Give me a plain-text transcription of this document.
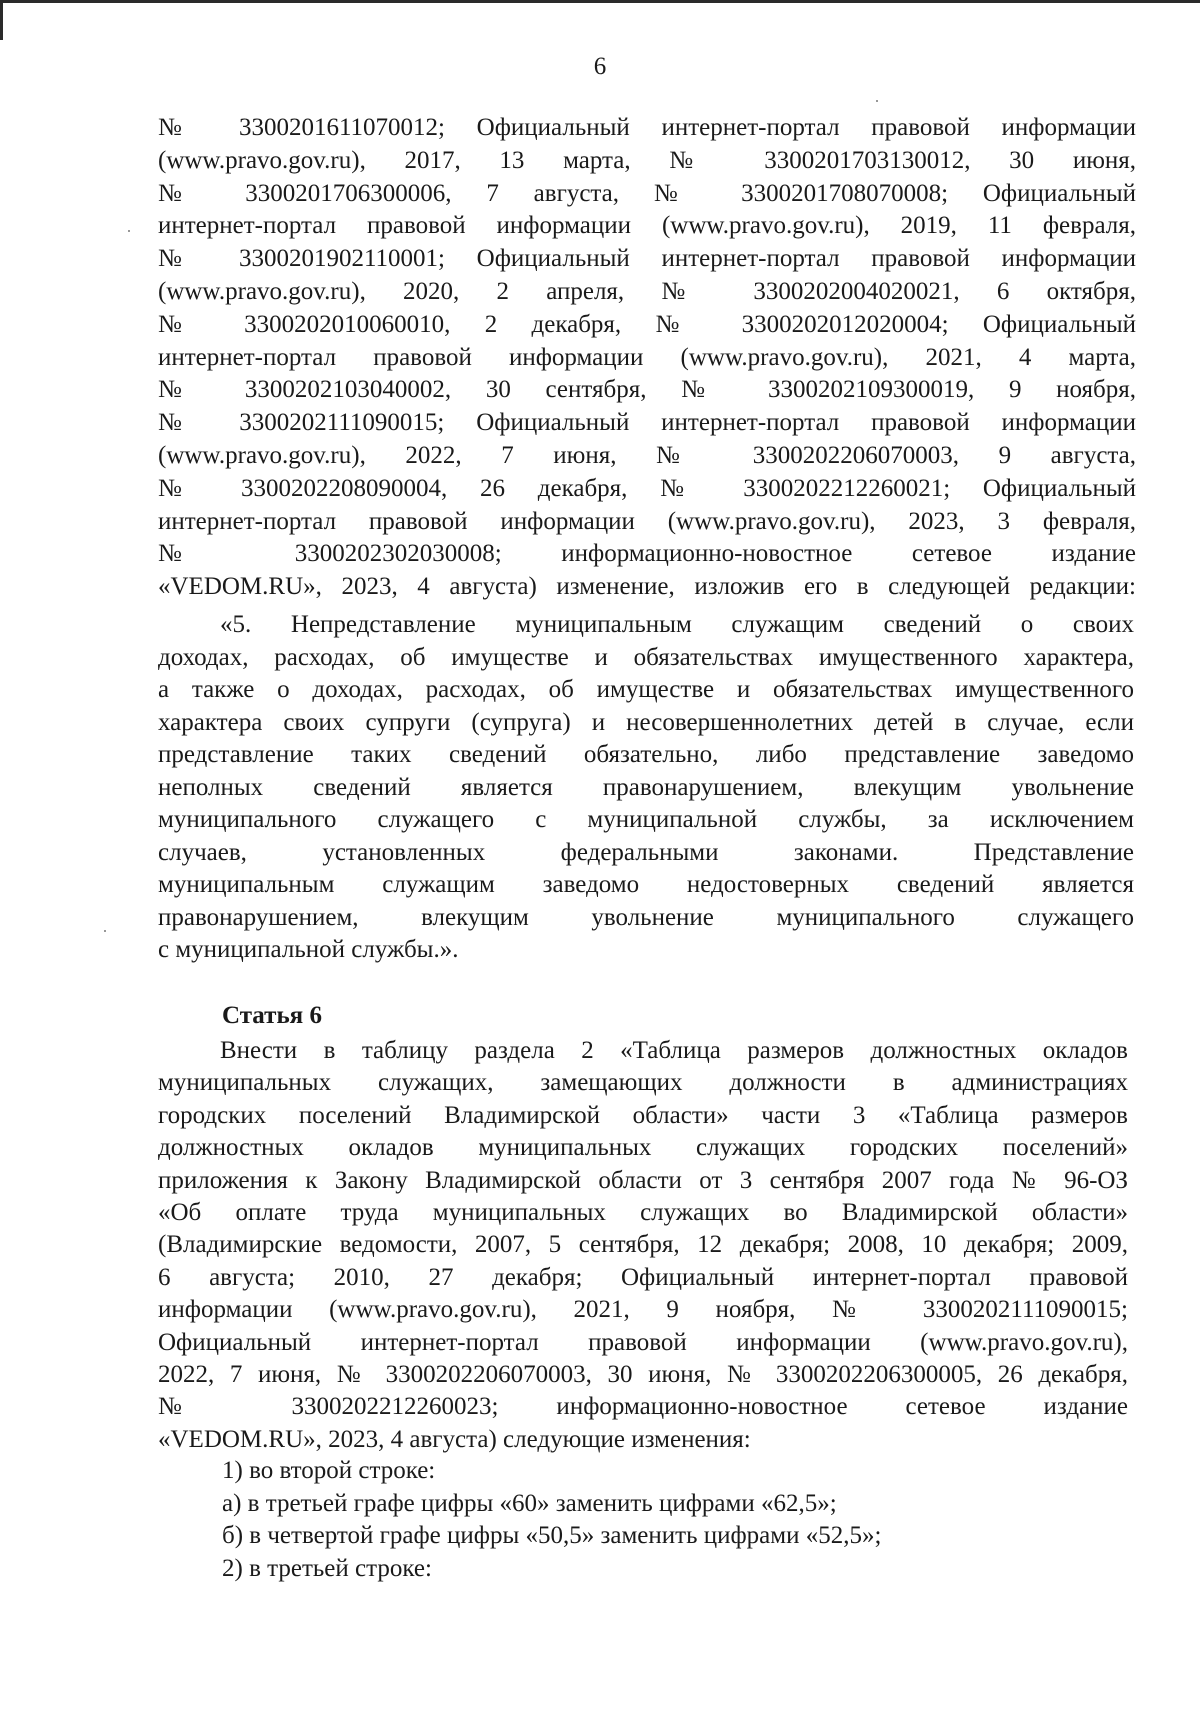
6
№ 3300201611070012; Официальный интернет-портал правовой информации
(www.pravo.gov.ru), 2017, 13 марта, № 3300201703130012, 30 июня,
№ 3300201706300006, 7 августа, № 3300201708070008; Официальный
интернет-портал правовой информации (www.pravo.gov.ru), 2019, 11 февраля,
№ 3300201902110001; Официальный интернет-портал правовой информации
(www.pravo.gov.ru), 2020, 2 апреля, № 3300202004020021, 6 октября,
№ 3300202010060010, 2 декабря, № 3300202012020004; Официальный
интернет-портал правовой информации (www.pravo.gov.ru), 2021, 4 марта,
№ 3300202103040002, 30 сентября, № 3300202109300019, 9 ноября,
№ 3300202111090015; Официальный интернет-портал правовой информации
(www.pravo.gov.ru), 2022, 7 июня, № 3300202206070003, 9 августа,
№ 3300202208090004, 26 декабря, № 3300202212260021; Официальный
интернет-портал правовой информации (www.pravo.gov.ru), 2023, 3 февраля,
№ 3300202302030008; информационно-новостное сетевое издание
«VEDOM.RU», 2023, 4 августа) изменение, изложив его в следующей редакции:
«5. Непредставление муниципальным служащим сведений о своих
доходах, расходах, об имуществе и обязательствах имущественного характера,
а также о доходах, расходах, об имуществе и обязательствах имущественного
характера своих супруги (супруга) и несовершеннолетних детей в случае, если
представление таких сведений обязательно, либо представление заведомо
неполных сведений является правонарушением, влекущим увольнение
муниципального служащего с муниципальной службы, за исключением
случаев, установленных федеральными законами. Представление
муниципальным служащим заведомо недостоверных сведений является
правонарушением, влекущим увольнение муниципального служащего
с муниципальной службы.».
Статья 6
Внести в таблицу раздела 2 «Таблица размеров должностных окладов
муниципальных служащих, замещающих должности в администрациях
городских поселений Владимирской области» части 3 «Таблица размеров
должностных окладов муниципальных служащих городских поселений»
приложения к Закону Владимирской области от 3 сентября 2007 года № 96-ОЗ
«Об оплате труда муниципальных служащих во Владимирской области»
(Владимирские ведомости, 2007, 5 сентября, 12 декабря; 2008, 10 декабря; 2009,
6 августа; 2010, 27 декабря; Официальный интернет-портал правовой
информации (www.pravo.gov.ru), 2021, 9 ноября, № 3300202111090015;
Официальный интернет-портал правовой информации (www.pravo.gov.ru),
2022, 7 июня, № 3300202206070003, 30 июня, № 3300202206300005, 26 декабря,
№ 3300202212260023; информационно-новостное сетевое издание
«VEDOM.RU», 2023, 4 августа) следующие изменения:
1) во второй строке:
а) в третьей графе цифры «60» заменить цифрами «62,5»;
б) в четвертой графе цифры «50,5» заменить цифрами «52,5»;
2) в третьей строке:
